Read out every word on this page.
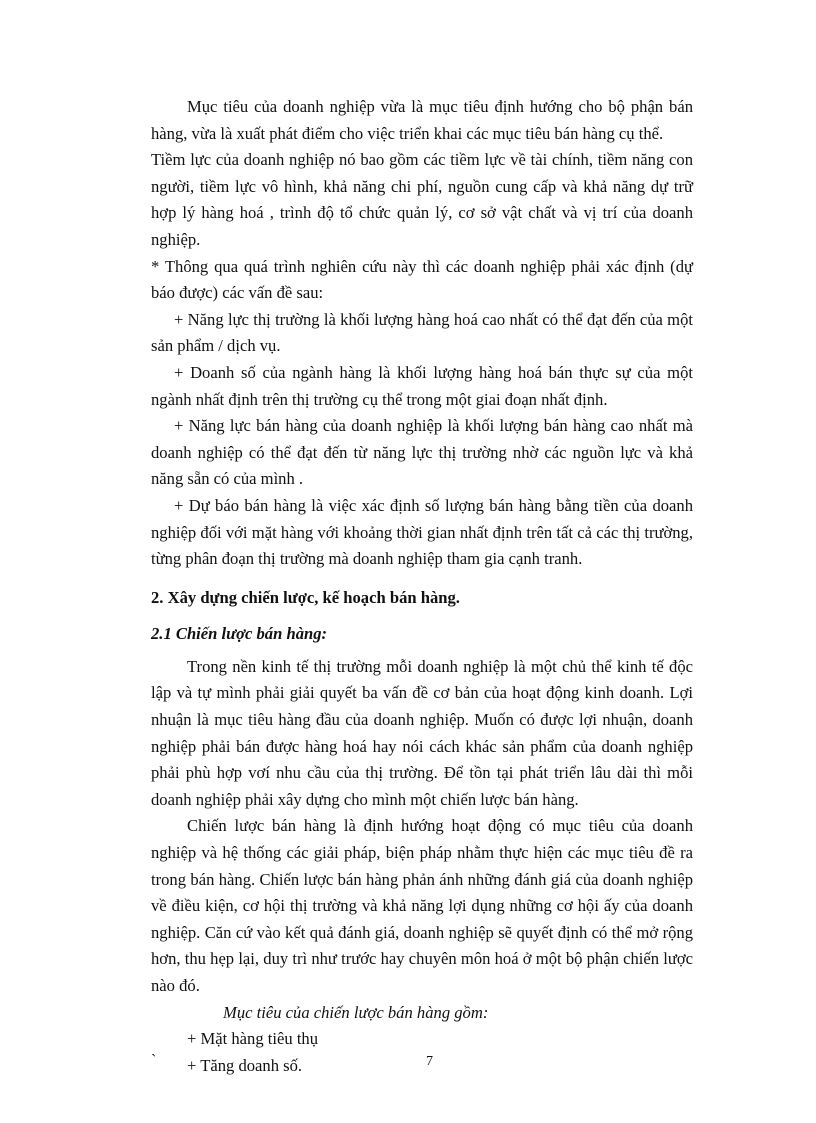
Mục tiêu của doanh nghiệp vừa là mục tiêu định hướng cho bộ phận bán hàng, vừa là xuất phát điểm cho việc triển khai các mục tiêu bán hàng cụ thể.

Tiềm lực của doanh nghiệp nó bao gồm các tiềm lực về tài chính, tiềm năng con người, tiềm lực vô hình, khả năng chi phí, nguồn cung cấp và khả năng dự trữ hợp lý hàng hoá , trình độ tổ chức quản lý, cơ sở vật chất và vị trí của doanh nghiệp.

* Thông qua quá trình nghiên cứu này thì các doanh nghiệp phải xác định (dự báo được) các vấn đề sau:

+ Năng lực thị trường là khối lượng hàng hoá cao nhất có thể đạt đến của một sản phẩm / dịch vụ.

+ Doanh số của ngành hàng là khối lượng hàng hoá bán thực sự của một ngành nhất định trên thị trường cụ thể trong một giai đoạn nhất định.

+ Năng lực bán hàng của doanh nghiệp là khối lượng bán hàng cao nhất mà doanh nghiệp có thể đạt đến từ năng lực thị trường nhờ các nguồn lực và khả năng sẵn có của mình .

+ Dự báo bán hàng là việc xác định số lượng bán hàng bằng tiền của doanh nghiệp đối với mặt hàng với khoảng thời gian nhất định trên tất cả các thị trường, từng phân đoạn thị trường mà doanh nghiệp tham gia cạnh tranh.

2. Xây dựng chiến lược, kế hoạch bán hàng.

2.1 Chiến lược bán hàng:

Trong nền kinh tế thị trường mỗi doanh nghiệp là một chủ thể kinh tế độc lập và tự mình phải giải quyết ba vấn đề cơ bản của hoạt động kinh doanh. Lợi nhuận là mục tiêu hàng đầu của doanh nghiệp. Muốn có được lợi nhuận, doanh nghiệp phải bán được hàng hoá hay nói cách khác sản phẩm của doanh nghiệp phải phù hợp vơí nhu cầu của thị trường. Để tồn tại phát triển lâu dài thì mỗi doanh nghiệp phải xây dựng cho mình một chiến lược bán hàng.

Chiến lược bán hàng là định hướng hoạt động có mục tiêu của doanh nghiệp và hệ thống các giải pháp, biện pháp nhằm thực hiện các mục tiêu đề ra trong bán hàng. Chiến lược bán hàng phản ánh những đánh giá của doanh nghiệp về điều kiện, cơ hội thị trường và khả năng lợi dụng những cơ hội ấy của doanh nghiệp. Căn cứ vào kết quả đánh giá, doanh nghiệp sẽ quyết định có thể mở rộng hơn, thu hẹp lại, duy trì như trước hay chuyên môn hoá ở một bộ phận chiến lược nào đó.

Mục tiêu của chiến lược bán hàng gồm:

+ Mặt hàng tiêu thụ

+ Tăng doanh số.

`	7
